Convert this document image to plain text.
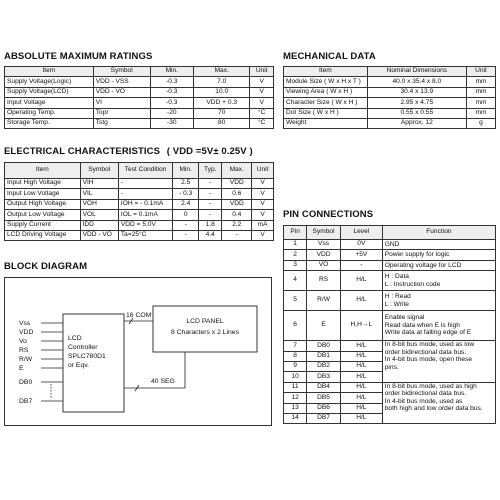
ABSOLUTE MAXIMUM RATINGS
Item	Symbol	Min.	Max.	Unit
Supply Voltage(Logic)	VDD - VSS	-0.3	7.0	V
Supply Voltage(LCD)	VDD - VO	-0.3	10.0	V
Input Voltage	VI	-0.3	VDD + 0.3	V
Operating Temp.	Topr	-20	70	°C
Storage Temp.	Tstg	-30	80	°C
MECHANICAL DATA
Item	Nominal Dimensions	Unit
Module Size ( W x H x T )	40.0 x 35.4 x 8.0	mm
Viewing Area ( W x H )	30.4 x 13.9	mm
Character Size ( W x H )	2.95 x 4.75	mm
Dot Size ( W x H )	0.55 x 0.55	mm
Weight	Approx. 12	g
ELECTRICAL CHARACTERISTICS ( VDD =5V± 0.25V )
Item	Symbol	Test Condition	Min.	Typ.	Max.	Unit
Input High Voltage	VIH	-	2.5	-	VDD	V
Input Low Voltage	VIL	-	- 0.3	-	0.6	V
Output High Voltage	VOH	IOH = - 0.1mA	2.4	-	VDD	V
Output Low Voltage	VOL	IOL = 0.1mA	0	-	0.4	V
Supply Current	IDD	VDD = 5.0V	-	1.8	2.2	mA
LCD Driving Voltage	VDD - VO	Ta=25°C	-	4.4	-	V
PIN CONNECTIONS
Pin	Symbol	Level	Function
1	Vss	0V	GND

2	VDD	+5V	Power supply for logic

3	VO	-	Operating voltage for LCD

4	RS	H/L	H : Data
L : Instruction code

5	R/W	H/L	H : Read
L : Write

6	E	H,H→L	Enable signal
Read data when E is high
Write data at falling edge of E

7	DB0	H/L	In 8-bit bus mode, used as low
order bidirectional data bus.
In 4-bit bus mode, open these
pins.

8	DB1	H/L	
9	DB2	H/L	
10	DB3	H/L	
11	DB4	H/L	In 8-bit bus mode, used as high
order bidirectional data bus.
In 4-bit bus mode, used as
both high and low order data bus.

12	DB5	H/L	
13	DB6	H/L	
14	DB7	H/L	
BLOCK DIAGRAM
Vss
VDD
Vo
RS
R/W
E
DB0
DB7
LCD
Controller
SPLC780D1
or Eqv.
16 COM
40 SEG
LCD PANEL
8 Characters x 2 Lines
